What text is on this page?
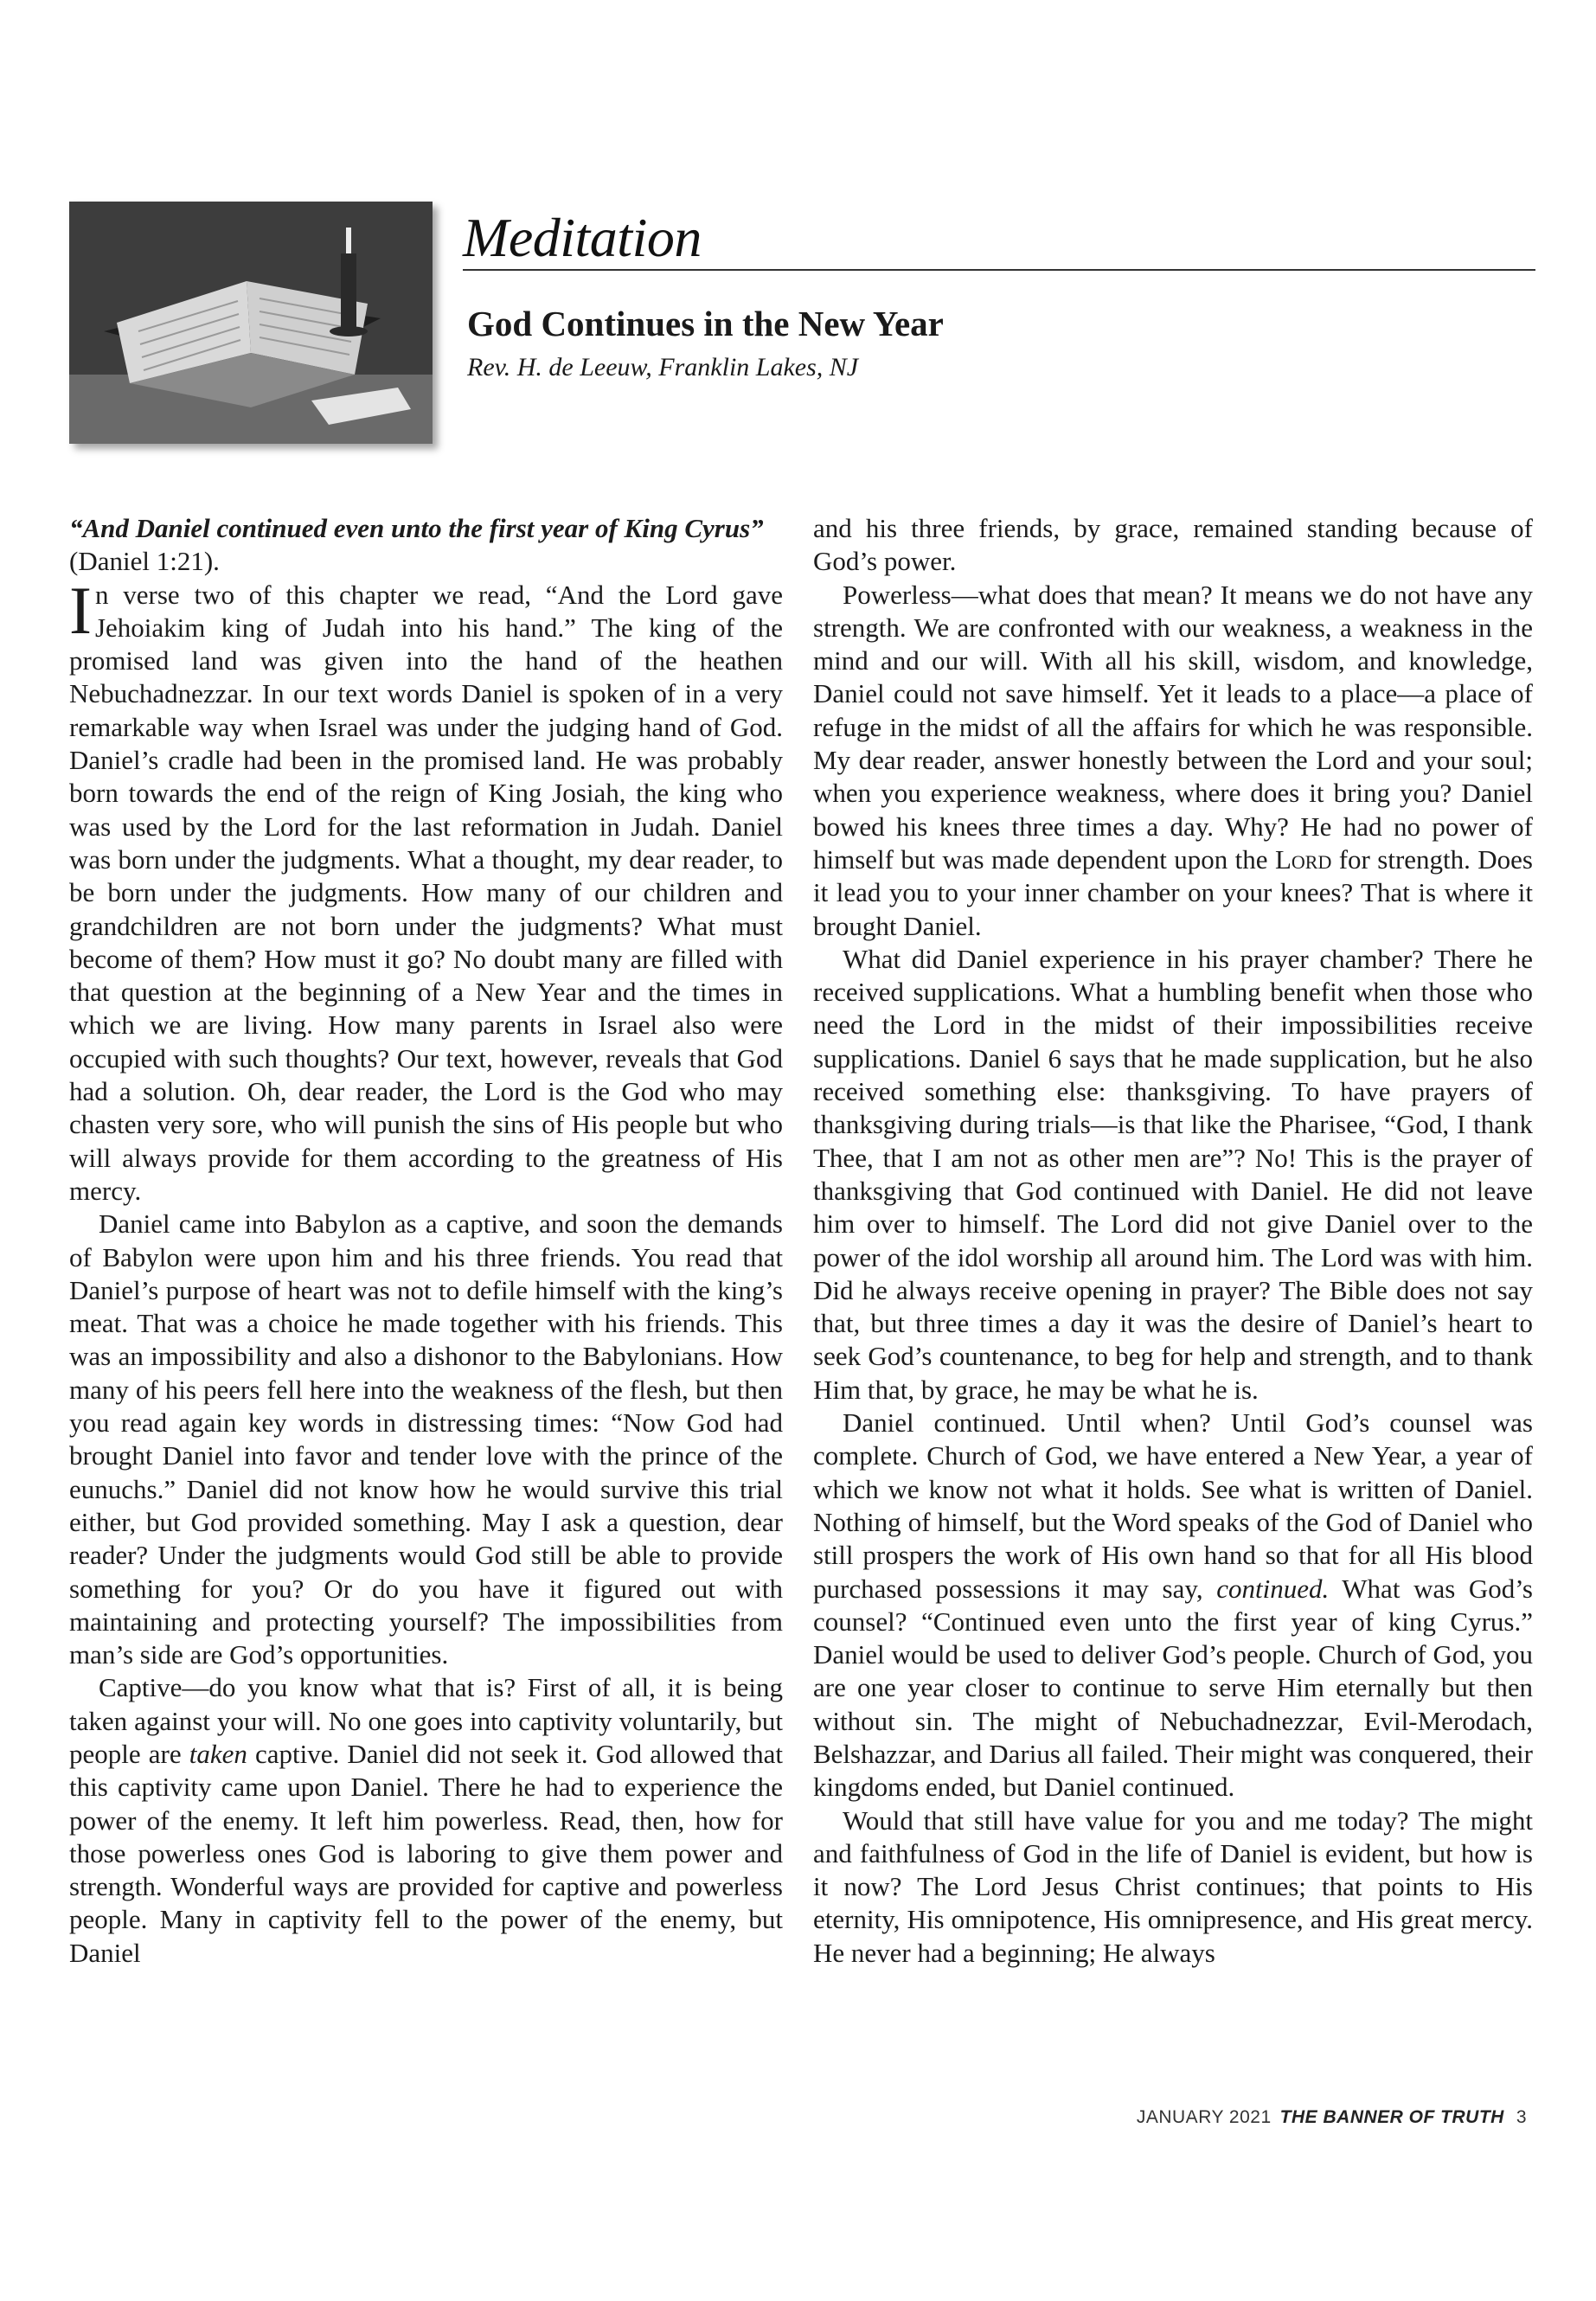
Meditation
God Continues in the New Year

Rev. H. de Leeuw, Franklin Lakes, NJ

“And Daniel continued even unto the first year of King Cyrus” (Daniel 1:21).

In verse two of this chapter we read, “And the Lord gave Jehoiakim king of Judah into his hand.” The king of the promised land was given into the hand of the heathen Nebuchadnezzar. In our text words Daniel is spoken of in a very remarkable way when Israel was under the judging hand of God. Daniel’s cradle had been in the promised land. He was probably born towards the end of the reign of King Josiah, the king who was used by the Lord for the last reformation in Judah. Daniel was born under the judgments. What a thought, my dear reader, to be born under the judgments. How many of our children and grandchildren are not born under the judgments? What must become of them? How must it go? No doubt many are filled with that question at the beginning of a New Year and the times in which we are living. How many parents in Israel also were occupied with such thoughts? Our text, however, reveals that God had a solution. Oh, dear reader, the Lord is the God who may chasten very sore, who will punish the sins of His people but who will always provide for them according to the greatness of His mercy.

Daniel came into Babylon as a captive, and soon the demands of Babylon were upon him and his three friends. You read that Daniel’s purpose of heart was not to defile himself with the king’s meat. That was a choice he made together with his friends. This was an impossibility and also a dishonor to the Babylonians. How many of his peers fell here into the weakness of the flesh, but then you read again key words in distressing times: “Now God had brought Daniel into favor and tender love with the prince of the eunuchs.” Daniel did not know how he would survive this trial either, but God provided something. May I ask a question, dear reader? Under the judgments would God still be able to provide something for you? Or do you have it figured out with maintaining and protecting yourself? The impossibilities from man’s side are God’s opportunities.

Captive—do you know what that is? First of all, it is being taken against your will. No one goes into captivity voluntarily, but people are taken captive. Daniel did not seek it. God allowed that this captivity came upon Daniel. There he had to experience the power of the enemy. It left him powerless. Read, then, how for those powerless ones God is laboring to give them power and strength. Wonderful ways are provided for captive and powerless people. Many in captivity fell to the power of the enemy, but Daniel

and his three friends, by grace, remained standing because of God’s power.

Powerless—what does that mean? It means we do not have any strength. We are confronted with our weakness, a weakness in the mind and our will. With all his skill, wisdom, and knowledge, Daniel could not save himself. Yet it leads to a place—a place of refuge in the midst of all the affairs for which he was responsible. My dear reader, answer honestly between the Lord and your soul; when you experience weakness, where does it bring you? Daniel bowed his knees three times a day. Why? He had no power of himself but was made dependent upon the Lord for strength. Does it lead you to your inner chamber on your knees? That is where it brought Daniel.

What did Daniel experience in his prayer chamber? There he received supplications. What a humbling benefit when those who need the Lord in the midst of their impossibilities receive supplications. Daniel 6 says that he made supplication, but he also received something else: thanksgiving. To have prayers of thanksgiving during trials—is that like the Pharisee, “God, I thank Thee, that I am not as other men are”? No! This is the prayer of thanksgiving that God continued with Daniel. He did not leave him over to himself. The Lord did not give Daniel over to the power of the idol worship all around him. The Lord was with him. Did he always receive opening in prayer? The Bible does not say that, but three times a day it was the desire of Daniel’s heart to seek God’s countenance, to beg for help and strength, and to thank Him that, by grace, he may be what he is.

Daniel continued. Until when? Until God’s counsel was complete. Church of God, we have entered a New Year, a year of which we know not what it holds. See what is written of Daniel. Nothing of himself, but the Word speaks of the God of Daniel who still prospers the work of His own hand so that for all His blood purchased possessions it may say, continued. What was God’s counsel? “Continued even unto the first year of king Cyrus.” Daniel would be used to deliver God’s people. Church of God, you are one year closer to continue to serve Him eternally but then without sin. The might of Nebuchadnezzar, Evil-Merodach, Belshazzar, and Darius all failed. Their might was conquered, their kingdoms ended, but Daniel continued.

Would that still have value for you and me today? The might and faithfulness of God in the life of Daniel is evident, but how is it now? The Lord Jesus Christ continues; that points to His eternity, His omnipotence, His omnipresence, and His great mercy. He never had a beginning; He always

JANUARY 2021 THE BANNER OF TRUTH 3
